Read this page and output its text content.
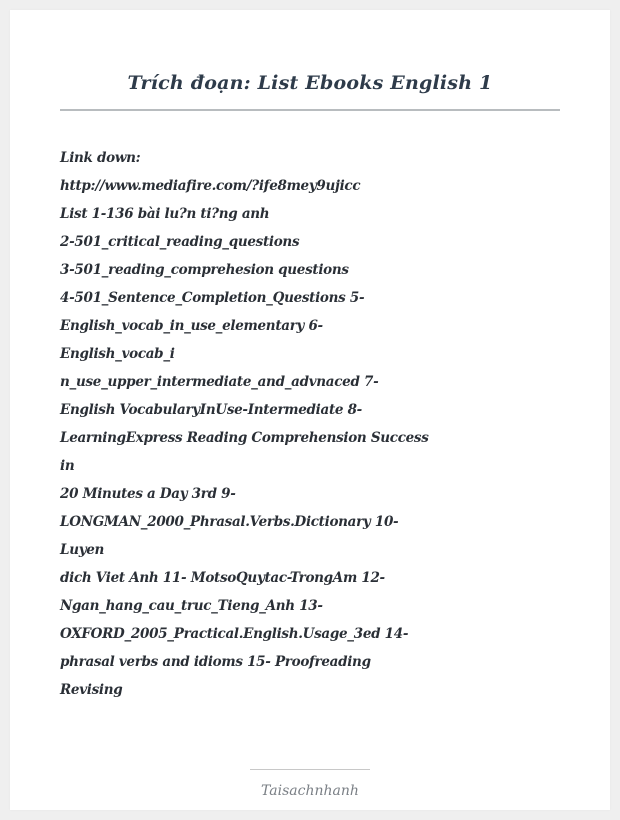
Trích đoạn: List Ebooks English 1
Link down:
http://www.mediafire.com/?ife8mey9ujicc
List 1-136 bài lu?n ti?ng anh
2-501_critical_reading_questions
3-501_reading_comprehesion questions
4-501_Sentence_Completion_Questions 5-
English_vocab_in_use_elementary 6-
English_vocab_i
n_use_upper_intermediate_and_advnaced 7-
English VocabularyInUse-Intermediate 8-
LearningExpress Reading Comprehension Success
in
20 Minutes a Day 3rd 9-
LONGMAN_2000_Phrasal.Verbs.Dictionary 10-
Luyen
dich Viet Anh 11- MotsoQuytac-TrongAm 12-
Ngan_hang_cau_truc_Tieng_Anh 13-
OXFORD_2005_Practical.English.Usage_3ed 14-
phrasal verbs and idioms 15- Proofreading
Revising
Taisachnhanh
